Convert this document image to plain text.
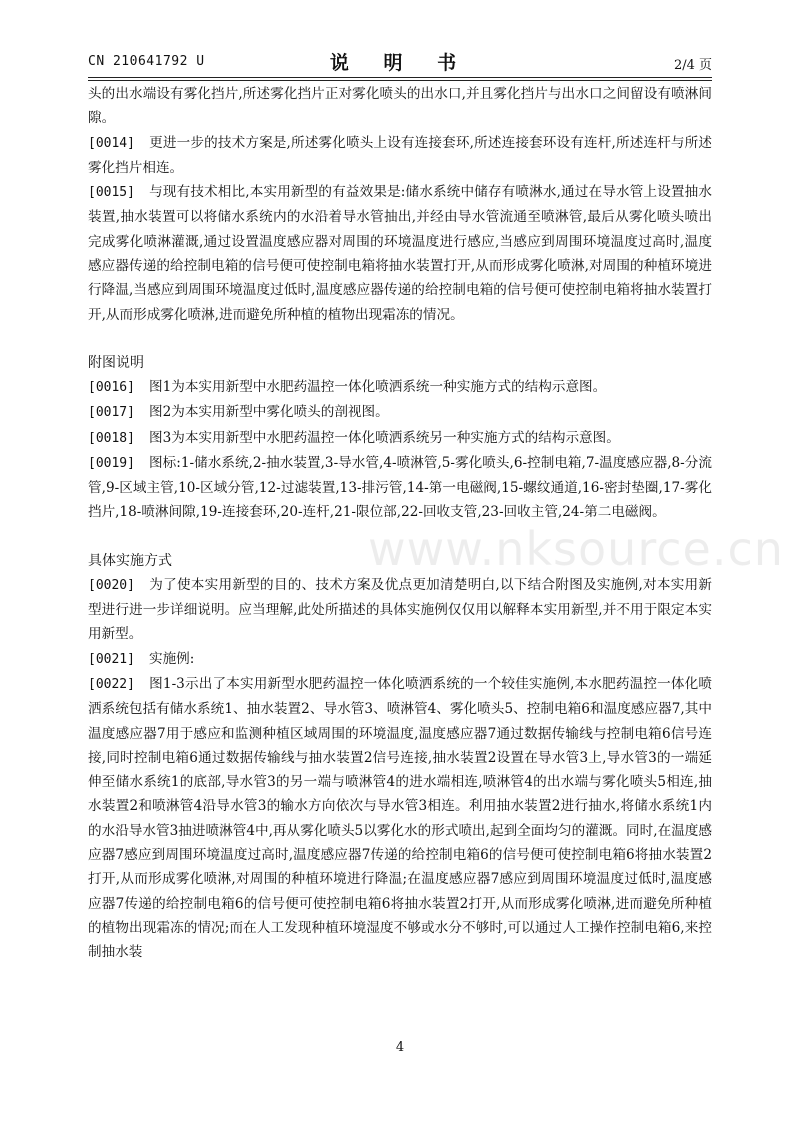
CN 210641792 U	说 明 书	2/4 页
www.nksource.cn

头的出水端设有雾化挡片,所述雾化挡片正对雾化喷头的出水口,并且雾化挡片与出水口之间留设有喷淋间隙。

[0014] 更进一步的技术方案是,所述雾化喷头上设有连接套环,所述连接套环设有连杆,所述连杆与所述雾化挡片相连。

[0015] 与现有技术相比,本实用新型的有益效果是:储水系统中储存有喷淋水,通过在导水管上设置抽水装置,抽水装置可以将储水系统内的水沿着导水管抽出,并经由导水管流通至喷淋管,最后从雾化喷头喷出完成雾化喷淋灌溉,通过设置温度感应器对周围的环境温度进行感应,当感应到周围环境温度过高时,温度感应器传递的给控制电箱的信号便可使控制电箱将抽水装置打开,从而形成雾化喷淋,对周围的种植环境进行降温,当感应到周围环境温度过低时,温度感应器传递的给控制电箱的信号便可使控制电箱将抽水装置打开,从而形成雾化喷淋,进而避免所种植的植物出现霜冻的情况。

附图说明

[0016] 图1为本实用新型中水肥药温控一体化喷洒系统一种实施方式的结构示意图。

[0017] 图2为本实用新型中雾化喷头的剖视图。

[0018] 图3为本实用新型中水肥药温控一体化喷洒系统另一种实施方式的结构示意图。

[0019] 图标:1-储水系统,2-抽水装置,3-导水管,4-喷淋管,5-雾化喷头,6-控制电箱,7-温度感应器,8-分流管,9-区域主管,10-区域分管,12-过滤装置,13-排污管,14-第一电磁阀,15-螺纹通道,16-密封垫圈,17-雾化挡片,18-喷淋间隙,19-连接套环,20-连杆,21-限位部,22-回收支管,23-回收主管,24-第二电磁阀。

具体实施方式

[0020] 为了使本实用新型的目的、技术方案及优点更加清楚明白,以下结合附图及实施例,对本实用新型进行进一步详细说明。应当理解,此处所描述的具体实施例仅仅用以解释本实用新型,并不用于限定本实用新型。

[0021] 实施例:

[0022] 图1-3示出了本实用新型水肥药温控一体化喷洒系统的一个较佳实施例,本水肥药温控一体化喷洒系统包括有储水系统1、抽水装置2、导水管3、喷淋管4、雾化喷头5、控制电箱6和温度感应器7,其中温度感应器7用于感应和监测种植区域周围的环境温度,温度感应器7通过数据传输线与控制电箱6信号连接,同时控制电箱6通过数据传输线与抽水装置2信号连接,抽水装置2设置在导水管3上,导水管3的一端延伸至储水系统1的底部,导水管3的另一端与喷淋管4的进水端相连,喷淋管4的出水端与雾化喷头5相连,抽水装置2和喷淋管4沿导水管3的输水方向依次与导水管3相连。利用抽水装置2进行抽水,将储水系统1内的水沿导水管3抽进喷淋管4中,再从雾化喷头5以雾化水的形式喷出,起到全面均匀的灌溉。同时,在温度感应器7感应到周围环境温度过高时,温度感应器7传递的给控制电箱6的信号便可使控制电箱6将抽水装置2打开,从而形成雾化喷淋,对周围的种植环境进行降温;在温度感应器7感应到周围环境温度过低时,温度感应器7传递的给控制电箱6的信号便可使控制电箱6将抽水装置2打开,从而形成雾化喷淋,进而避免所种植的植物出现霜冻的情况;而在人工发现种植环境湿度不够或水分不够时,可以通过人工操作控制电箱6,来控制抽水装

4
